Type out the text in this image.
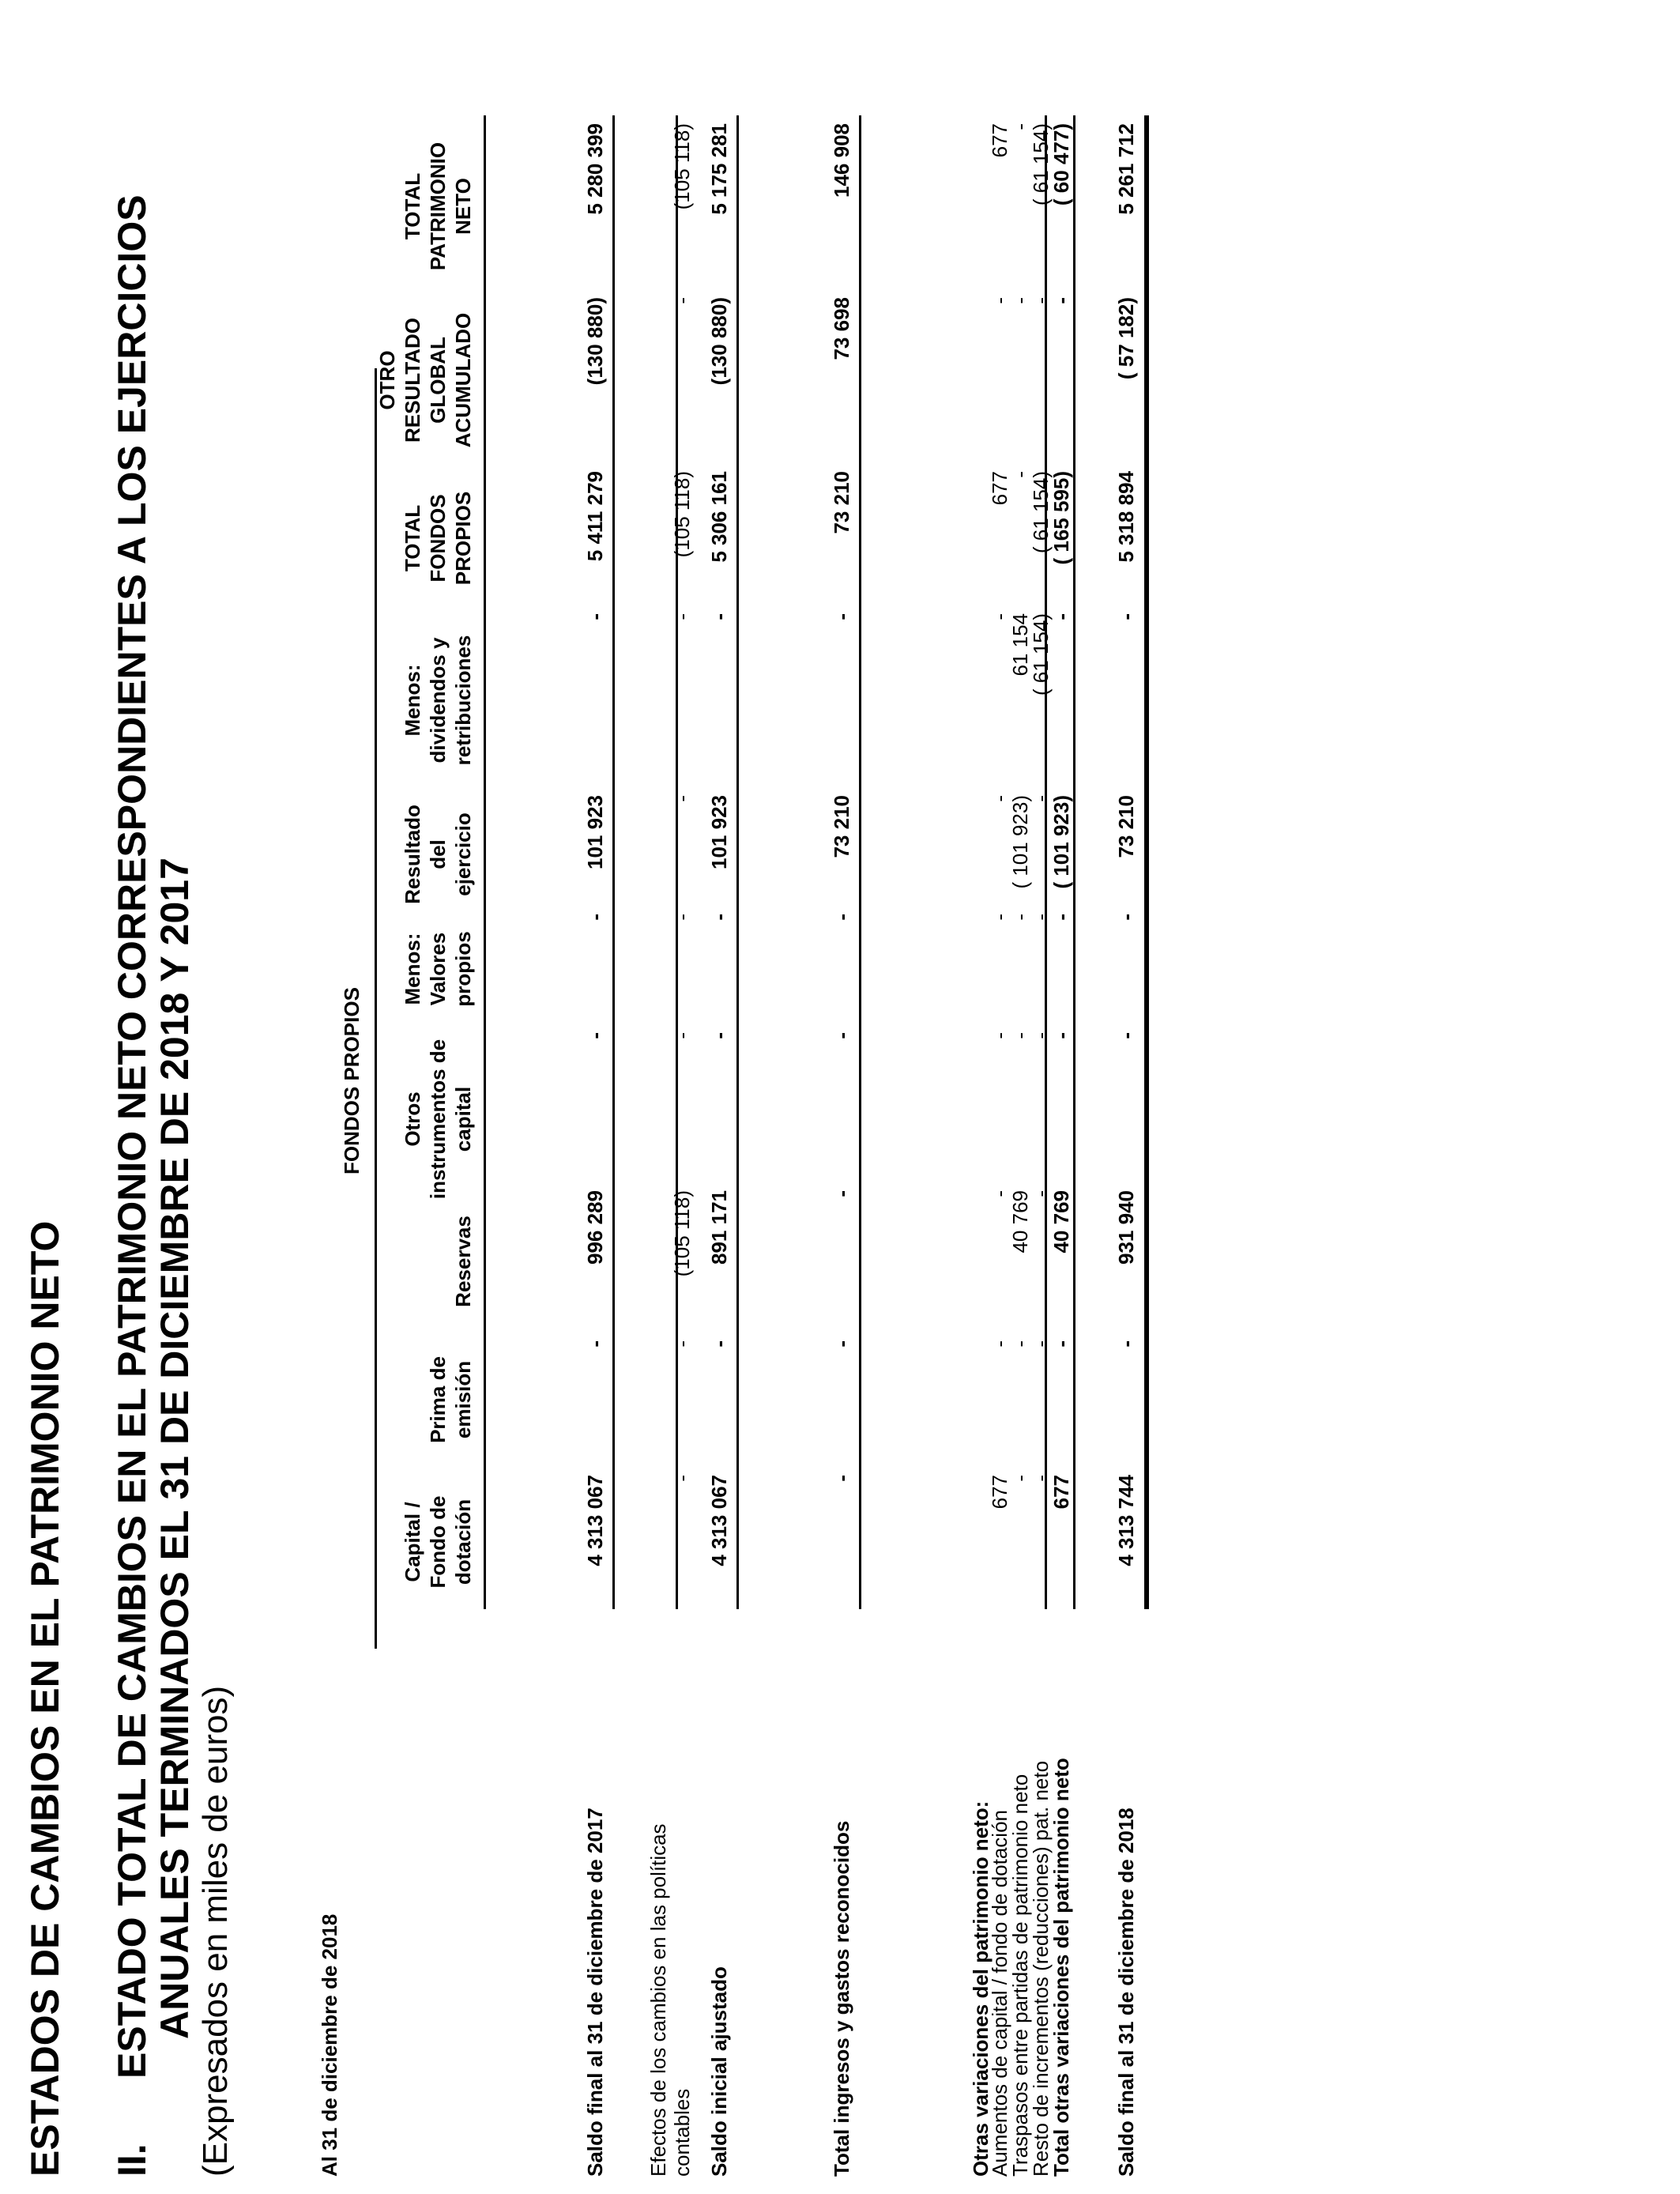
ESTADOS DE CAMBIOS EN EL PATRIMONIO NETO II.
ESTADO TOTAL DE CAMBIOS EN EL PATRIMONIO NETO CORRESPONDIENTES A LOS EJERCICIOS
ANUALES TERMINADOS EL 31 DE DICIEMBRE DE 2018 Y 2017 (Expresados en miles de euros)	Al 31 de diciembre de 2018
FONDOS PROPIOS
Capital / Fondo de dotación
Prima de emisión
Reservas
Otros instrumentos de capital
Menos: Valores propios
Resultado del ejercicio
Menos: dividendos y retribuciones
TOTAL FONDOS PROPIOS
OTRO RESULTADO GLOBAL ACUMULADO
TOTAL PATRIMONIO NETO
Saldo final al 31 de diciembre de 2017
4 313 067
-
996 289
-
-
101 923
-
5 411 279
(130 880)
5 280 399
Efectos de los cambios en las políticas contables
-
-
(105 118)
-
-
-
-
(105 118)
-
(105 118)
Saldo inicial ajustado
4 313 067
-
891 171
-
-
101 923
-
5 306 161
(130 880)
5 175 281
Total ingresos y gastos reconocidos
-
-
-
-
-
73 210
-
73 210
73 698
146 908
Otras variaciones del patrimonio neto:
Aumentos de capital / fondo de dotación
677
-
-
-
-
-
-
677
-
677
Traspasos entre partidas de patrimonio neto
-
-
40 769
-
-
( 101 923)
61 154
-
-
-
Resto de incrementos (reducciones) pat. neto
-
-
-
-
-
-
( 61 154)
( 61 154)
-
( 61 154)
Total otras variaciones del patrimonio neto
677
-
40 769
-
-
( 101 923)
-
( 165 595)
-
( 60 477)
Saldo final al 31 de diciembre de 2018
4 313 744
-
931 940
-
-
73 210
-
5 318 894
( 57 182)
5 261 712
